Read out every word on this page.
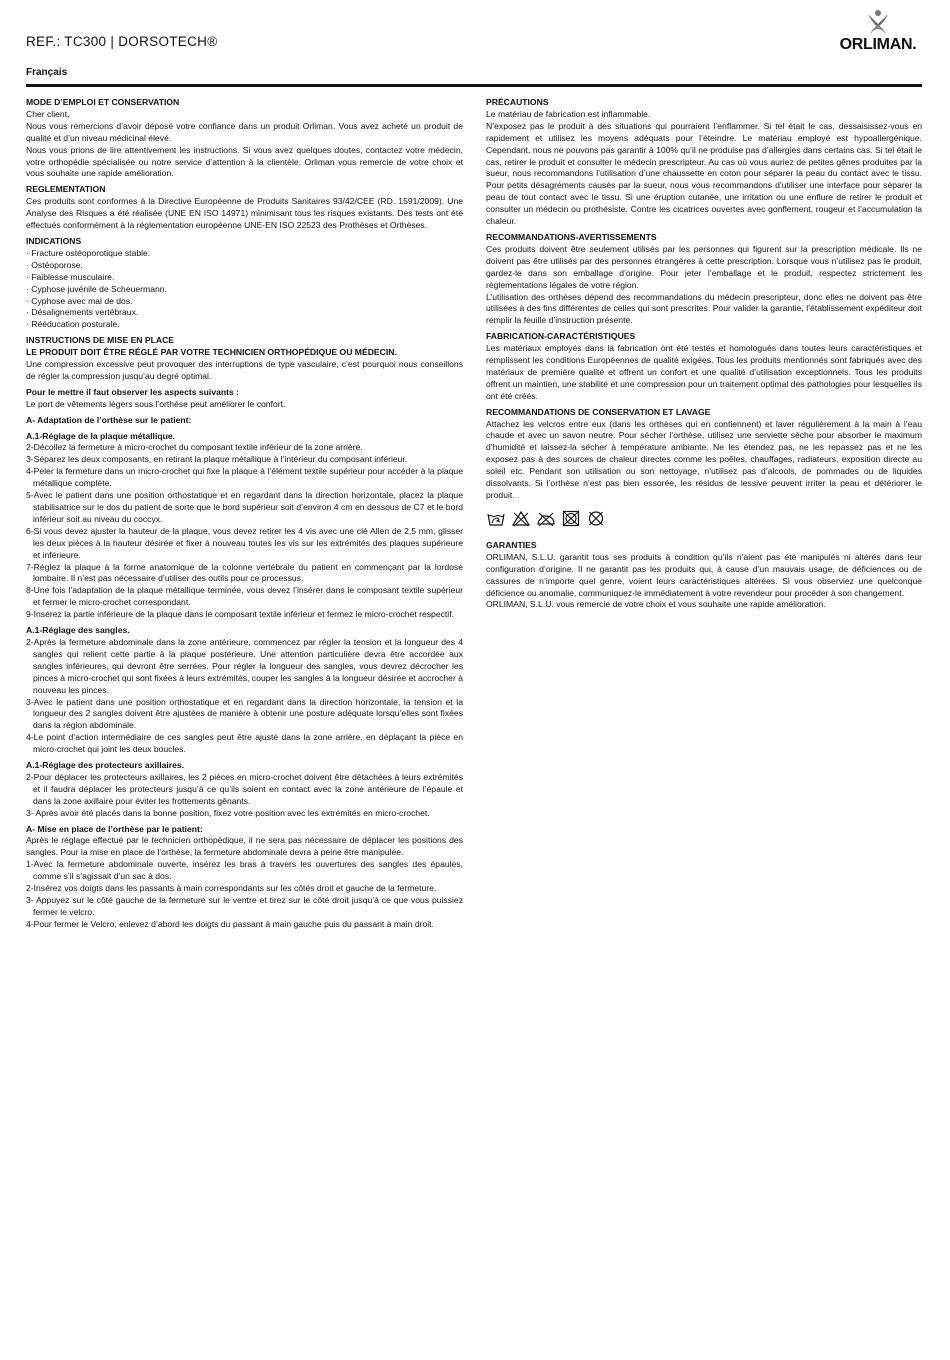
REF.: TC300 | DORSOTECH®	ORLIMAN.
Français
MODE D’EMPLOI ET CONSERVATION
Cher client,
Nous vous remercions d’avoir déposé votre confiance dans un produit Orliman. Vous avez acheté un produit de qualité et d’un niveau médicinal élevé.
Nous vous prions de lire attentivement les instructions. Si vous avez quelques doutes, contactez votre médecin, votre orthopédie spécialisée ou notre service d’attention à la clientèle. Orliman vous remercie de votre choix et vous souhaite une rapide amélioration.
REGLEMENTATION
Ces produits sont conformes à la Directive Européenne de Produits Sanitaires 93/42/CEE (RD. 1591/2009). Une Analyse des Risques a été réalisée (UNE EN ISO 14971) minimisant tous les risques existants. Des tests ont été effectués conformément à la réglementation européenne UNE-EN ISO 22523 des Prothèses et Orthèses.
INDICATIONS
· Fracture ostéoporotique stable.
· Ostéoporose.
· Faiblesse musculaire.
· Cyphose juvénile de Scheuermann.
· Cyphose avec mal de dos.
· Désalignements vertébraux.
· Rééducation posturale.
INSTRUCTIONS DE MISE EN PLACE
LE PRODUIT DOIT ÊTRE RÉGLÉ PAR VOTRE TECHNICIEN ORTHOPÉDIQUE OU MÉDECIN.
Une compression excessive peut provoquer des interruptions de type vasculaire, c’est pourquoi nous conseillons de régler la compression jusqu’au degré optimal.
Pour le mettre il faut observer les aspects suivants :
Le port de vêtements légers sous l’orthèse peut améliorer le confort.
A- Adaptation de l’orthèse sur le patient:
A.1-Réglage de la plaque métallique.
2-Décollez la fermeture à micro-crochet du composant textile inférieur de la zone arrière.
3-Séparez les deux composants, en retirant la plaque métallique à l’intérieur du composant inférieur.
4-Peler la fermeture dans un micro-crochet qui fixe la plaque à l’élément textile supérieur pour accéder à la plaque métallique complète.
5-Avec le patient dans une position orthostatique et en regardant dans la direction horizontale, placez la plaque stabilisatrice sur le dos du patient de sorte que le bord supérieur soit d’environ 4 cm en dessous de C7 et le bord inférieur soit au niveau du coccyx.
6-Si vous devez ajuster la hauteur de la plaque, vous devez retirer les 4 vis avec une clé Allen de 2,5 mm, glisser les deux pièces à la hauteur désirée et fixer à nouveau toutes les vis sur les extrémités des plaques supérieure et inférieure.
7-Réglez la plaque à la forme anatomique de la colonne vertébrale du patient en commençant par la lordose lombaire. Il n’est pas nécessaire d’utiliser des outils pour ce processus.
8-Une fois l’adaptation de la plaque métallique terminée, vous devez l’insérer dans le composant textile supérieur et fermer le micro-crochet correspondant.
9-Insérez la partie inférieure de la plaque dans le composant textile inférieur et fermez le micro-crochet respectif.
A.1-Réglage des sangles.
2-Après la fermeture abdominale dans la zone antérieure, commencez par régler la tension et la longueur des 4 sangles qui relient cette partie à la plaque postérieure. Une attention particulière devra être accordée aux sangles inférieures, qui devront être serrées. Pour régler la longueur des sangles, vous devrez décrocher les pinces à micro-crochet qui sont fixées à leurs extrémités, couper les sangles à la longueur désirée et accrocher à nouveau les pinces.
3-Avec le patient dans une position orthostatique et en regardant dans la direction horizontale, la tension et la longueur des 2 sangles doivent être ajustées de manière à obtenir une posture adéquate lorsqu’elles sont fixées dans la région abdominale.
4-Le point d’action intermédiaire de ces sangles peut être ajusté dans la zone arrière, en déplaçant la pièce en micro-crochet qui joint les deux boucles.
A.1-Réglage des protecteurs axillaires.
2-Pour déplacer les protecteurs axillaires, les 2 pièces en micro-crochet doivent être détachées à leurs extrémités et il faudra déplacer les protecteurs jusqu’à ce qu’ils soient en contact avec la zone antérieure de l’épaule et dans la zone axillaire pour éviter les frottements gênants.
3- Après avoir été placés dans la bonne position, fixez votre position avec les extrémités en micro-crochet.
A- Mise en place de l’orthèse par le patient:
Après le réglage effectué par le technicien orthopédique, il ne sera pas nécessaire de déplacer les positions des sangles. Pour la mise en place de l’orthèse, la fermeture abdominale devra à peine être manipulée.
1-Avec la fermeture abdominale ouverte, insérez les bras à travers les ouvertures des sangles des épaules, comme s’il s’agissait d’un sac à dos.
2-Insérez vos doigts dans les passants à main correspondants sur les côtés droit et gauche de la fermeture.
3- Appuyez sur le côté gauche de la fermeture sur le ventre et tirez sur le côté droit jusqu’à ce que vous puissiez fermer le velcro.
4-Pour fermer le Velcro, enlevez d’abord les doigts du passant à main gauche puis du passant à main droit.
PRÉCAUTIONS
Le matériau de fabrication est inflammable.
N’exposez pas le produit à des situations qui pourraient l’enflammer. Si tel était le cas, dessaisissez-vous en rapidement et utilisez les moyens adéquats pour l’éteindre. Le matériau employé est hypoallergénique. Cependant, nous ne pouvons pas garantir à 100% qu’il ne produise pas d’allergies dans certains cas. Si tel était le cas, retirer le produit et consulter le médecin prescripteur. Au cas où vous auriez de petites gênes produites par la sueur, nous recommandons l’utilisation d’une chaussette en coton pour séparer la peau du contact avec le tissu. Pour petits désagréments causés par la sueur, nous vous recommandons d’utiliser une interface pour séparer la peau de tout contact avec le tissu. Si une éruption cutanée, une irritation ou une enflure de retirer le produit et consulter un médecin ou prothésiste. Contre les cicatrices ouvertes avec gonflement, rougeur et l’accumulation la chaleur.
RECOMMANDATIONS-AVERTISSEMENTS
Ces produits doivent être seulement utilisés par les personnes qui figurent sur la prescription médicale. Ils ne doivent pas être utilisés par des personnes étrangères à cette prescription. Lorsque vous n’utilisez pas le produit, gardez-le dans son emballage d’origine. Pour jeter l’emballage et le produit, respectez strictement les réglementations légales de votre région.
L’utilisation des orthèses dépend des recommandations du médecin prescripteur, donc elles ne doivent pas être utilisées à des fins différentes de celles qui sont prescrites. Pour valider la garantie, l’établissement expéditeur doit remplir la feuille d’instruction présente.
FABRICATION-CARACTÉRISTIQUES
Les matériaux employés dans la fabrication ont été testés et homologués dans toutes leurs caractéristiques et remplissent les conditions Européennes de qualité exigées. Tous les produits mentionnés sont fabriqués avec des matériaux de première qualité et offrent un confort et une qualité d’utilisation exceptionnels. Tous les produits offrent un maintien, une stabilité et une compression pour un traitement optimal des pathologies pour lesquelles ils ont été créés.
RECOMMANDATIONS DE CONSERVATION ET LAVAGE
Attachez les velcros entre eux (dans les orthèses qui en contiennent) et laver régulièrement à la main à l’eau chaude et avec un savon neutre. Pour sécher l’orthèse, utilisez une serviette sèche pour absorber le maximum d’humidité et laissez-la sécher à température ambiante. Ne les étendez pas, ne les repassez pas et ne les exposez pas à des sources de chaleur directes comme les poêles, chauffages, radiateurs, exposition directe au soleil etc. Pendant son utilisation ou son nettoyage, n’utilisez pas d’alcools, de pommades ou de liquides dissolvants. Si l’orthèse n’est pas bien essorée, les résidus de lessive peuvent irriter la peau et détériorer le produit.
GARANTIES
ORLIMAN, S.L.U. garantit tous ses produits à condition qu’ils n’aient pas été manipulés ni altérés dans leur configuration d’origine. Il ne garantit pas les produits qui, à cause d’un mauvais usage, de déficiences ou de cassures de n’importe quel genre, voient leurs caractéristiques altérées. Si vous observiez une quelconque déficience ou anomalie, communiquez-le immédiatement à votre revendeur pour procéder à son changement.
ORLIMAN, S.L.U. vous remercie de votre choix et vous souhaite une rapide amélioration.
